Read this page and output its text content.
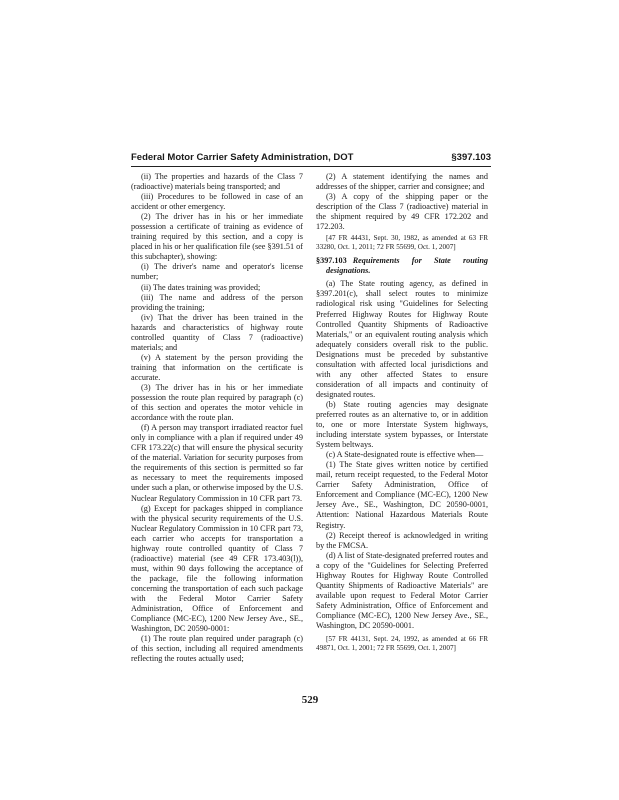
Federal Motor Carrier Safety Administration, DOT	§397.103

(ii) The properties and hazards of the Class 7 (radioactive) materials being transported; and

(iii) Procedures to be followed in case of an accident or other emergency.

(2) The driver has in his or her immediate possession a certificate of training as evidence of training required by this section, and a copy is placed in his or her qualification file (see §391.51 of this subchapter), showing:

(i) The driver's name and operator's license number;

(ii) The dates training was provided;

(iii) The name and address of the person providing the training;

(iv) That the driver has been trained in the hazards and characteristics of highway route controlled quantity of Class 7 (radioactive) materials; and

(v) A statement by the person providing the training that information on the certificate is accurate.

(3) The driver has in his or her immediate possession the route plan required by paragraph (c) of this section and operates the motor vehicle in accordance with the route plan.

(f) A person may transport irradiated reactor fuel only in compliance with a plan if required under 49 CFR 173.22(c) that will ensure the physical security of the material. Variation for security purposes from the requirements of this section is permitted so far as necessary to meet the requirements imposed under such a plan, or otherwise imposed by the U.S. Nuclear Regulatory Commission in 10 CFR part 73.

(g) Except for packages shipped in compliance with the physical security requirements of the U.S. Nuclear Regulatory Commission in 10 CFR part 73, each carrier who accepts for transportation a highway route controlled quantity of Class 7 (radioactive) material (see 49 CFR 173.403(l)), must, within 90 days following the acceptance of the package, file the following information concerning the transportation of each such package with the Federal Motor Carrier Safety Administration, Office of Enforcement and Compliance (MC-EC), 1200 New Jersey Ave., SE., Washington, DC 20590-0001:

(1) The route plan required under paragraph (c) of this section, including all required amendments reflecting the routes actually used;

(2) A statement identifying the names and addresses of the shipper, carrier and consignee; and

(3) A copy of the shipping paper or the description of the Class 7 (radioactive) material in the shipment required by 49 CFR 172.202 and 172.203.

[47 FR 44431, Sept. 30, 1982, as amended at 63 FR 33280, Oct. 1, 2011; 72 FR 55699, Oct. 1, 2007]

§397.103 Requirements for State routing designations.

(a) The State routing agency, as defined in §397.201(c), shall select routes to minimize radiological risk using "Guidelines for Selecting Preferred Highway Routes for Highway Route Controlled Quantity Shipments of Radioactive Materials," or an equivalent routing analysis which adequately considers overall risk to the public. Designations must be preceded by substantive consultation with affected local jurisdictions and with any other affected States to ensure consideration of all impacts and continuity of designated routes.

(b) State routing agencies may designate preferred routes as an alternative to, or in addition to, one or more Interstate System highways, including interstate system bypasses, or Interstate System beltways.

(c) A State-designated route is effective when—

(1) The State gives written notice by certified mail, return receipt requested, to the Federal Motor Carrier Safety Administration, Office of Enforcement and Compliance (MC-EC), 1200 New Jersey Ave., SE., Washington, DC 20590-0001, Attention: National Hazardous Materials Route Registry.

(2) Receipt thereof is acknowledged in writing by the FMCSA.

(d) A list of State-designated preferred routes and a copy of the "Guidelines for Selecting Preferred Highway Routes for Highway Route Controlled Quantity Shipments of Radioactive Materials" are available upon request to Federal Motor Carrier Safety Administration, Office of Enforcement and Compliance (MC-EC), 1200 New Jersey Ave., SE., Washington, DC 20590-0001.

[57 FR 44131, Sept. 24, 1992, as amended at 66 FR 49871, Oct. 1, 2001; 72 FR 55699, Oct. 1, 2007]

529
